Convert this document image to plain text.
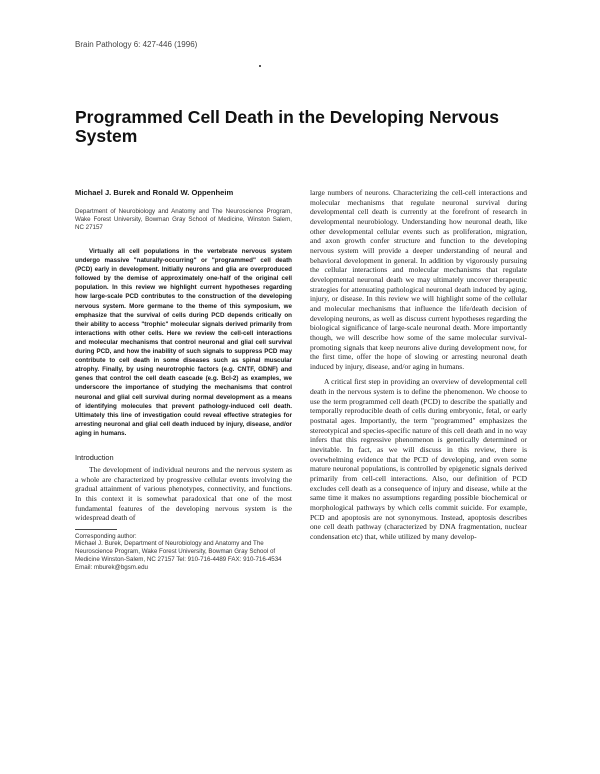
Brain Pathology 6: 427-446 (1996)
Programmed Cell Death in the Developing Nervous System

Michael J. Burek and Ronald W. Oppenheim

Department of Neurobiology and Anatomy and The Neuroscience Program, Wake Forest University, Bowman Gray School of Medicine, Winston Salem, NC 27157

Virtually all cell populations in the vertebrate nervous system undergo massive "naturally-occurring" or "programmed" cell death (PCD) early in development. Initially neurons and glia are overproduced followed by the demise of approximately one-half of the original cell population. In this review we highlight current hypotheses regarding how large-scale PCD contributes to the construction of the developing nervous system. More germane to the theme of this symposium, we emphasize that the survival of cells during PCD depends critically on their ability to access "trophic" molecular signals derived primarily from interactions with other cells. Here we review the cell-cell interactions and molecular mechanisms that control neuronal and glial cell survival during PCD, and how the inability of such signals to suppress PCD may contribute to cell death in some diseases such as spinal muscular atrophy. Finally, by using neurotrophic factors (e.g. CNTF, GDNF) and genes that control the cell death cascade (e.g. Bcl-2) as examples, we underscore the importance of studying the mechanisms that control neuronal and glial cell survival during normal development as a means of identifying molecules that prevent pathology-induced cell death. Ultimately this line of investigation could reveal effective strategies for arresting neuronal and glial cell death induced by injury, disease, and/or aging in humans.

Introduction

The development of individual neurons and the nervous system as a whole are characterized by progressive cellular events involving the gradual attainment of various phenotypes, connectivity, and functions. In this context it is somewhat paradoxical that one of the most fundamental features of the developing nervous system is the widespread death of

Corresponding author:

Michael J. Burek, Department of Neurobiology and Anatomy and The Neuroscience Program, Wake Forest University, Bowman Gray School of Medicine Winston-Salem, NC 27157 Tel: 910-716-4489 FAX: 910-716-4534 Email: mburek@bgsm.edu

large numbers of neurons. Characterizing the cell-cell interactions and molecular mechanisms that regulate neuronal survival during developmental cell death is currently at the forefront of research in developmental neurobiology. Understanding how neuronal death, like other developmental cellular events such as proliferation, migration, and axon growth confer structure and function to the developing nervous system will provide a deeper understanding of neural and behavioral development in general. In addition by vigorously pursuing the cellular interactions and molecular mechanisms that regulate developmental neuronal death we may ultimately uncover therapeutic strategies for attenuating pathological neuronal death induced by aging, injury, or disease. In this review we will highlight some of the cellular and molecular mechanisms that influence the life/death decision of developing neurons, as well as discuss current hypotheses regarding the biological significance of large-scale neuronal death. More importantly though, we will describe how some of the same molecular survival-promoting signals that keep neurons alive during development now, for the first time, offer the hope of slowing or arresting neuronal death induced by injury, disease, and/or aging in humans.

A critical first step in providing an overview of developmental cell death in the nervous system is to define the phenomenon. We choose to use the term programmed cell death (PCD) to describe the spatially and temporally reproducible death of cells during embryonic, fetal, or early postnatal ages. Importantly, the term "programmed" emphasizes the stereotypical and species-specific nature of this cell death and in no way infers that this regressive phenomenon is genetically determined or inevitable. In fact, as we will discuss in this review, there is overwhelming evidence that the PCD of developing, and even some mature neuronal populations, is controlled by epigenetic signals derived primarily from cell-cell interactions. Also, our definition of PCD excludes cell death as a consequence of injury and disease, while at the same time it makes no assumptions regarding possible biochemical or morphological pathways by which cells commit suicide. For example, PCD and apoptosis are not synonymous. Instead, apoptosis describes one cell death pathway (characterized by DNA fragmentation, nuclear condensation etc) that, while utilized by many develop-
